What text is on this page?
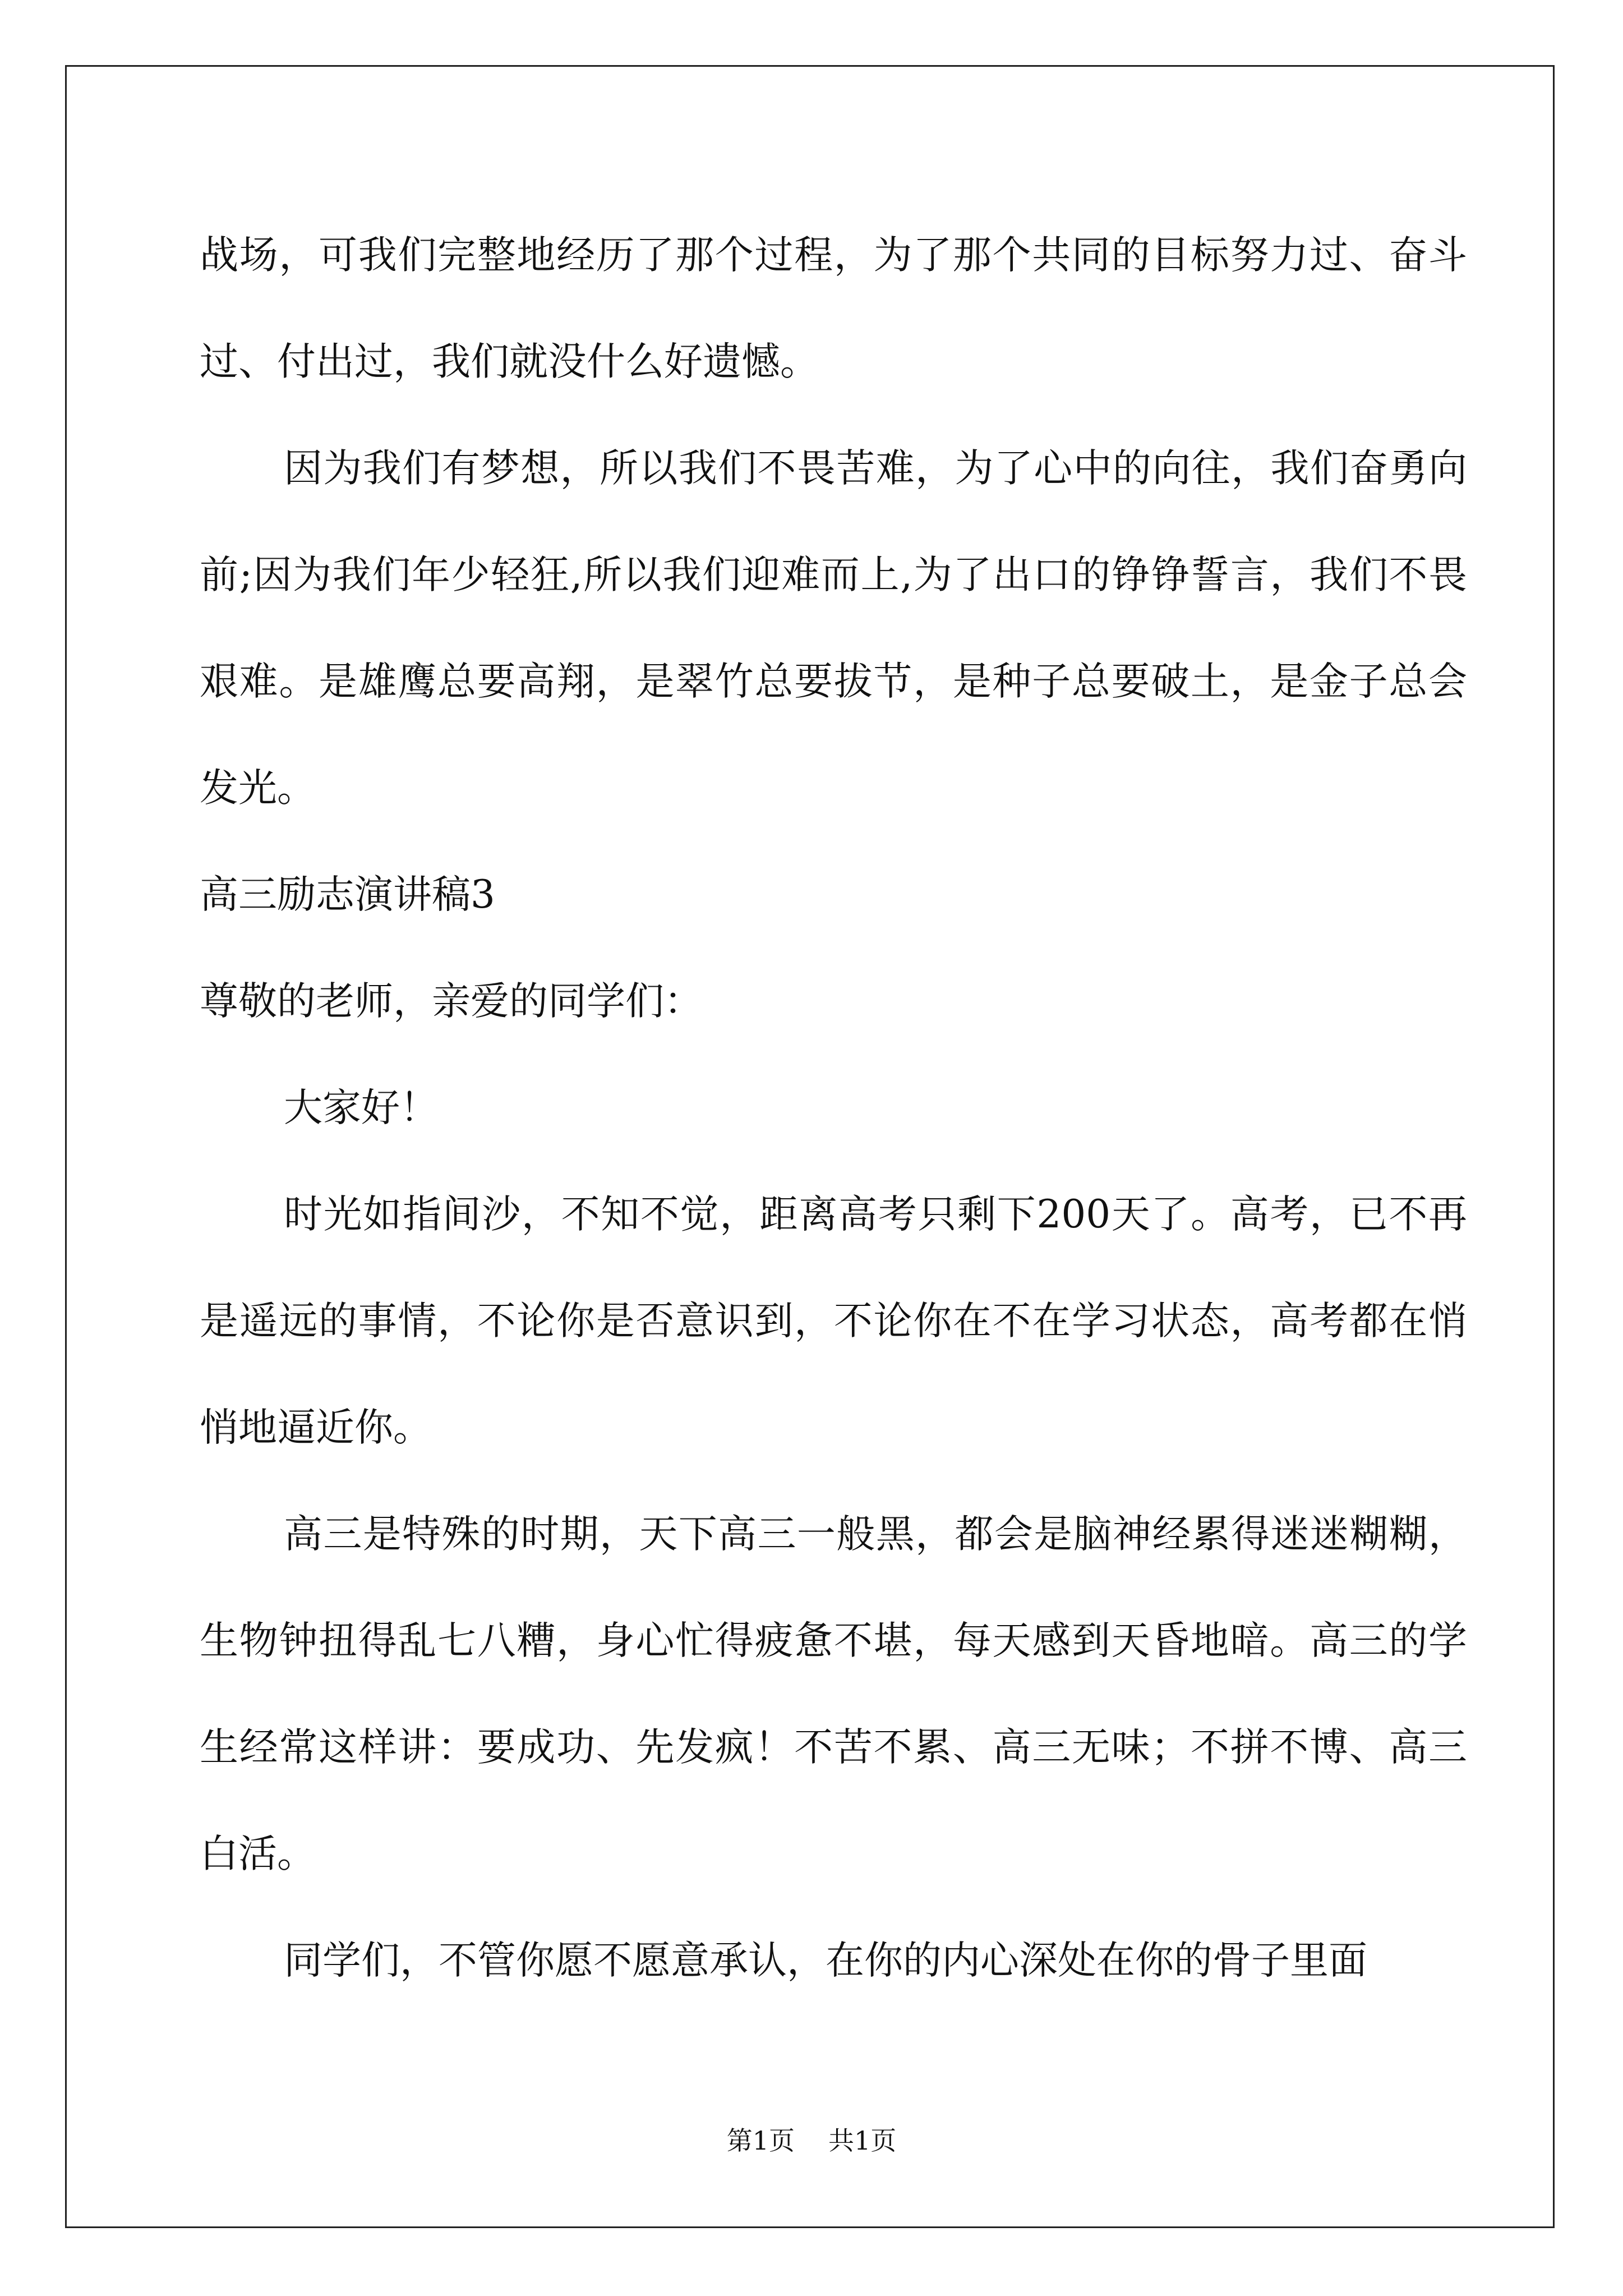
战场，可我们完整地经历了那个过程，为了那个共同的目标努力过、奋斗过、付出过，我们就没什么好遗憾。

因为我们有梦想，所以我们不畏苦难，为了心中的向往，我们奋勇向前;因为我们年少轻狂,所以我们迎难而上,为了出口的铮铮誓言，我们不畏艰难。是雄鹰总要高翔，是翠竹总要拔节，是种子总要破土，是金子总会发光。

高三励志演讲稿3

尊敬的老师，亲爱的同学们：

大家好！

时光如指间沙，不知不觉，距离高考只剩下200天了。高考，已不再是遥远的事情，不论你是否意识到，不论你在不在学习状态，高考都在悄悄地逼近你。

高三是特殊的时期，天下高三一般黑，都会是脑神经累得迷迷糊糊，生物钟扭得乱七八糟，身心忙得疲惫不堪，每天感到天昏地暗。高三的学生经常这样讲：要成功、先发疯！不苦不累、高三无味；不拼不博、高三白活。

同学们，不管你愿不愿意承认，在你的内心深处在你的骨子里面

第1页 共1页
